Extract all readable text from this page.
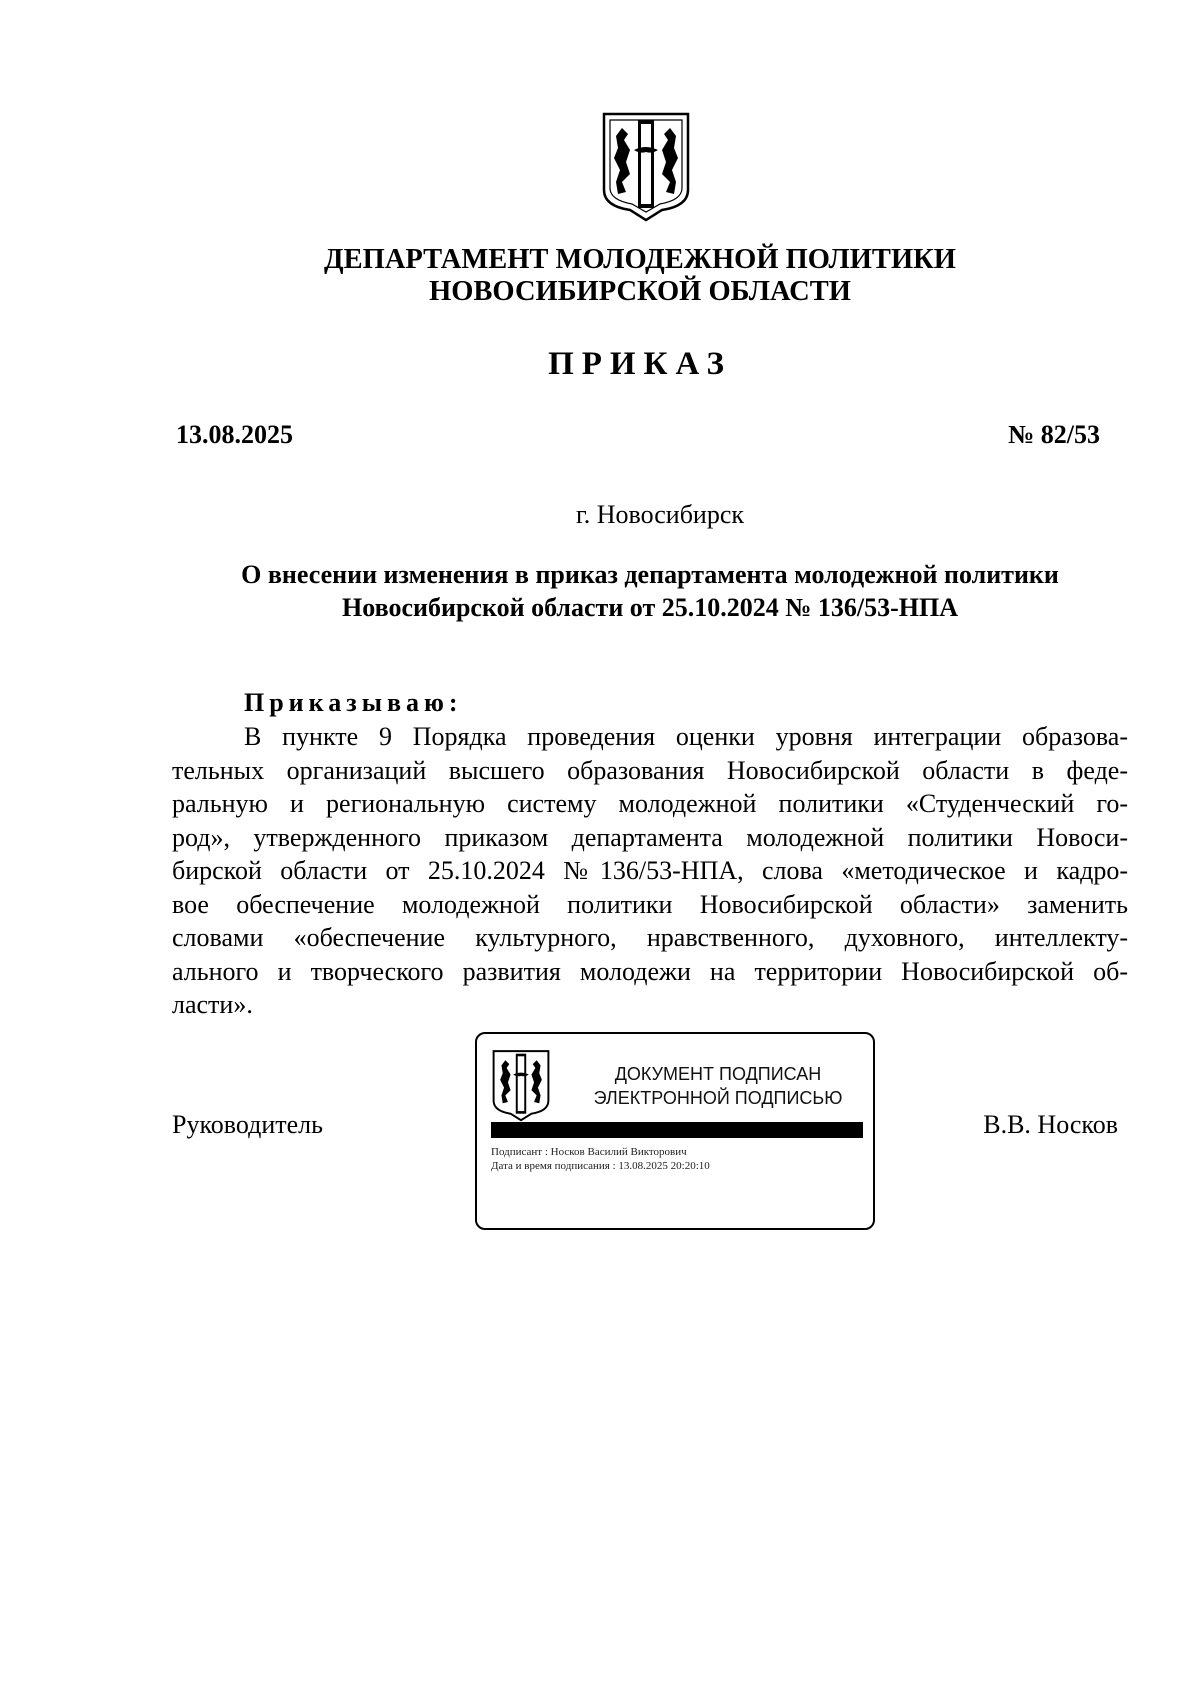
ДЕПАРТАМЕНТ МОЛОДЕЖНОЙ ПОЛИТИКИ
НОВОСИБИРСКОЙ ОБЛАСТИ
ПРИКАЗ
13.08.2025	№ 82/53
г. Новосибирск
О внесении изменения в приказ департамента молодежной политики
Новосибирской области от 25.10.2024 № 136/53-НПА
Приказываю:
В пункте 9 Порядка проведения оценки уровня интеграции образова-
тельных организаций высшего образования Новосибирской области в феде-
ральную и региональную систему молодежной политики «Студенческий го-
род», утвержденного приказом департамента молодежной политики Новоси-
бирской области от 25.10.2024 №136/53-НПА, слова «методическое и кадро-
вое обеспечение молодежной политики Новосибирской области» заменить
словами «обеспечение культурного, нравственного, духовного, интеллекту-
ального и творческого развития молодежи на территории Новосибирской об-
ласти».
Руководитель
ДОКУМЕНТ ПОДПИСАН
ЭЛЕКТРОННОЙ ПОДПИСЬЮ
Подписант : Носков Василий Викторович
Дата и время подписания : 13.08.2025 20:20:10
В.В. Носков
